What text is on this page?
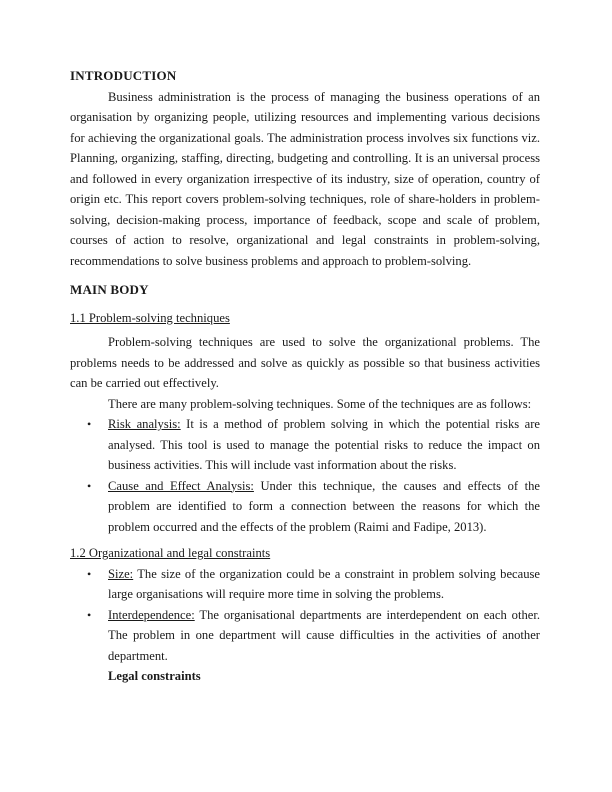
INTRODUCTION

Business administration is the process of managing the business operations of an organisation by organizing people, utilizing resources and implementing various decisions for achieving the organizational goals. The administration process involves six functions viz. Planning, organizing, staffing, directing, budgeting and controlling. It is an universal process and followed in every organization irrespective of its industry, size of operation, country of origin etc. This report covers problem-solving techniques, role of share-holders in problem-solving, decision-making process, importance of feedback, scope and scale of problem, courses of action to resolve, organizational and legal constraints in problem-solving, recommendations to solve business problems and approach to problem-solving.

MAIN BODY
1.1 Problem-solving techniques

Problem-solving techniques are used to solve the organizational problems. The problems needs to be addressed and solve as quickly as possible so that business activities can be carried out effectively.

There are many problem-solving techniques. Some of the techniques are as follows:

• Risk analysis: It is a method of problem solving in which the potential risks are analysed. This tool is used to manage the potential risks to reduce the impact on business activities. This will include vast information about the risks.
• Cause and Effect Analysis: Under this technique, the causes and effects of the problem are identified to form a connection between the reasons for which the problem occurred and the effects of the problem (Raimi and Fadipe, 2013).
1.2 Organizational and legal constraints
• Size: The size of the organization could be a constraint in problem solving because large organisations will require more time in solving the problems.
• Interdependence: The organisational departments are interdependent on each other. The problem in one department will cause difficulties in the activities of another department.
Legal constraints
